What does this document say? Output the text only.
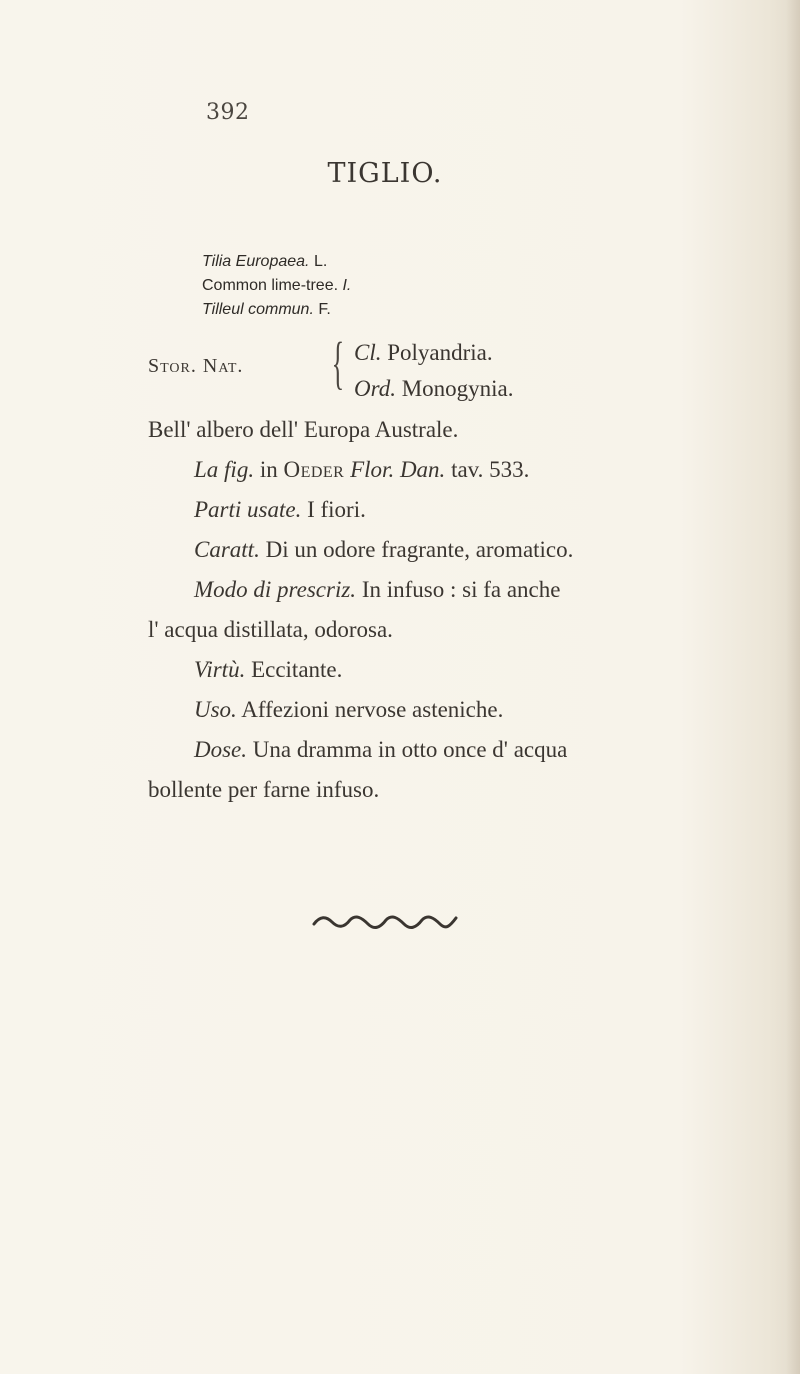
392
TIGLIO.
Tilia Europaea. L.
Common lime-tree. I.
Tilleul commun. F.
Stor. Nat. { Cl. Polyandria.
Ord. Monogynia.
Bell' albero dell' Europa Australe.
La fig. in Oeder Flor. Dan. tav. 533.
Parti usate. I fiori.
Caratt. Di un odore fragrante, aromatico.
Modo di prescriz. In infuso : si fa anche
l' acqua distillata, odorosa.
Virtù. Eccitante.
Uso. Affezioni nervose asteniche.
Dose. Una dramma in otto once d' acqua
bollente per farne infuso.
